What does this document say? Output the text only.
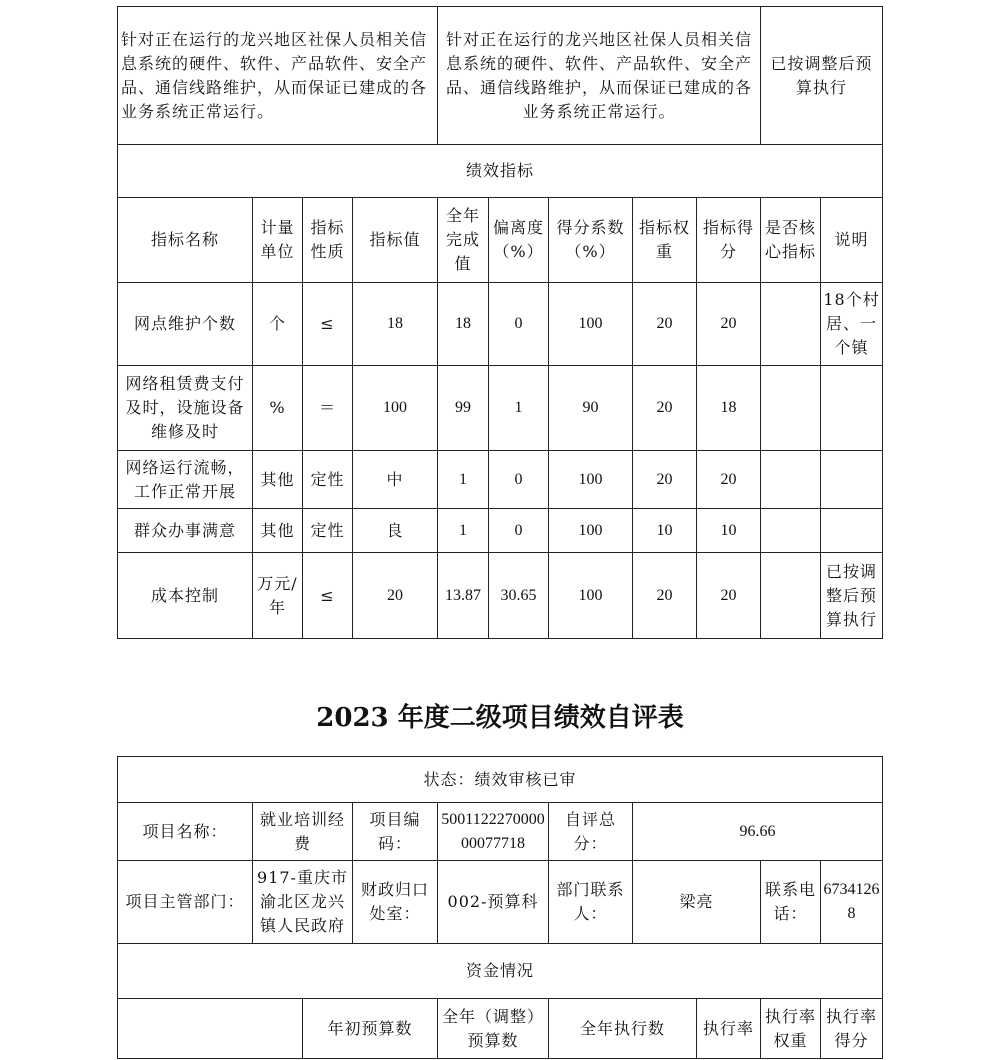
针对正在运行的龙兴地区社保人员相关信息系统的硬件、软件、产品软件、安全产品、通信线路维护，从而保证已建成的各业务系统正常运行。				针对正在运行的龙兴地区社保人员相关信息系统的硬件、软件、产品软件、安全产品、通信线路维护，从而保证已建成的各业务系统正常运行。					已按调整后预算执行	
绩效指标										
指标名称	计量单位	指标性质	指标值	全年完成值	偏离度（%）	得分系数（%）	指标权重	指标得分	是否核心指标	说明
网点维护个数	个	≤	18	18	0	100	20	20		18个村居、一个镇
网络租赁费支付及时，设施设备维修及时	%	＝	100	99	1	90	20	18		
网络运行流畅，工作正常开展	其他	定性	中	1	0	100	20	20		
群众办事满意	其他	定性	良	1	0	100	10	10		
成本控制	万元/年	≤	20	13.87	30.65	100	20	20		已按调整后预算执行
2023 年度二级项目绩效自评表
状态：绩效审核已审									
项目名称：	就业培训经费		项目编码：	500112227000000077718	自评总分：	96.66			
项目主管部门：	917-重庆市渝北区龙兴镇人民政府		财政归口处室：	002-预算科	部门联系人：	梁亮		联系电话：	67341268
资金情况									
		年初预算数		全年（调整）预算数	全年执行数		执行率	执行率权重	执行率得分
